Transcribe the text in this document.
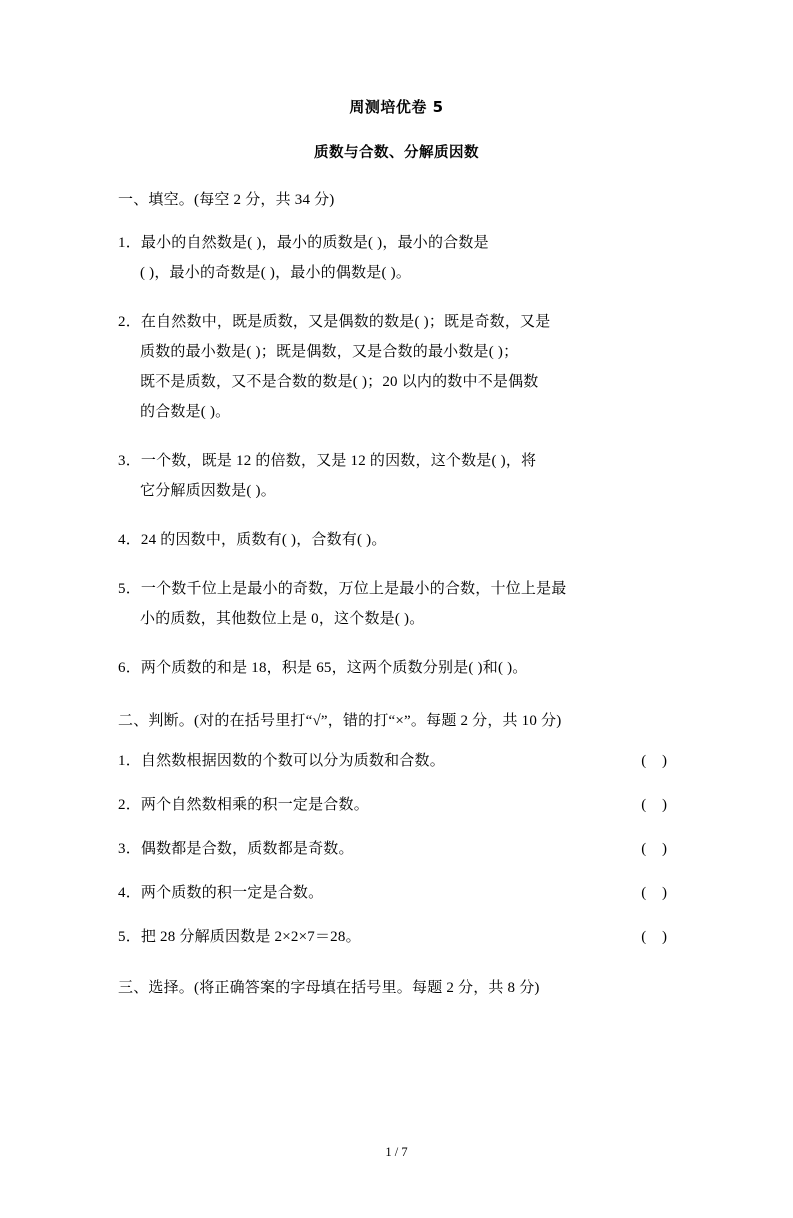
周测培优卷 5
质数与合数、分解质因数
一、填空。(每空 2 分，共 34 分)
1．最小的自然数是( )，最小的质数是( )，最小的合数是
( )，最小的奇数是( )，最小的偶数是( )。
2．在自然数中，既是质数，又是偶数的数是( )；既是奇数，又是
质数的最小数是( )；既是偶数，又是合数的最小数是( )；
既不是质数，又不是合数的数是( )；20 以内的数中不是偶数
的合数是( )。
3．一个数，既是 12 的倍数，又是 12 的因数，这个数是( )，将
它分解质因数是( )。
4．24 的因数中，质数有( )，合数有( )。
5．一个数千位上是最小的奇数，万位上是最小的合数，十位上是最
小的质数，其他数位上是 0，这个数是( )。
6．两个质数的和是 18，积是 65，这两个质数分别是( )和( )。
二、判断。(对的在括号里打“√”，错的打“×”。每题 2 分，共 10 分)
1．自然数根据因数的个数可以分为质数和合数。	( )
2．两个自然数相乘的积一定是合数。	( )
3．偶数都是合数，质数都是奇数。	( )
4．两个质数的积一定是合数。	( )
5．把 28 分解质因数是 2×2×7＝28。	( )
三、选择。(将正确答案的字母填在括号里。每题 2 分，共 8 分)
1 / 7
